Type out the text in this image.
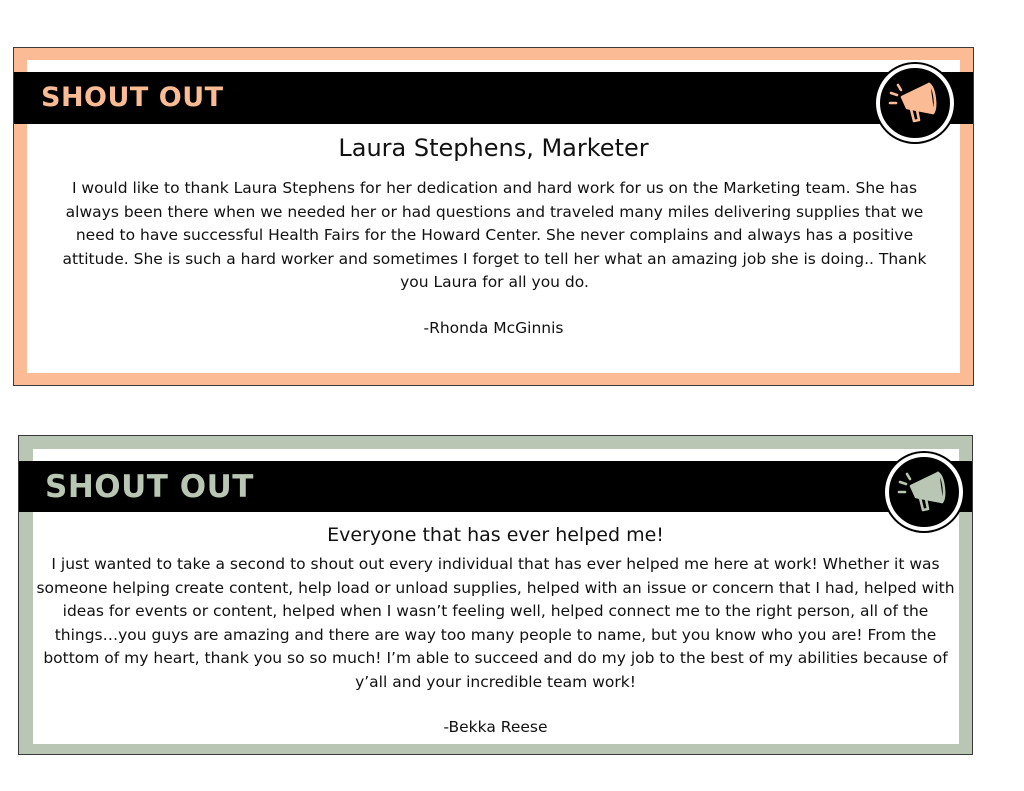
SHOUT OUT
Laura Stephens, Marketer
I would like to thank Laura Stephens for her dedication and hard work for us on the Marketing team. She has always been there when we needed her or had questions and traveled many miles delivering supplies that we need to have successful Health Fairs for the Howard Center. She never complains and always has a positive attitude. She is such a hard worker and sometimes I forget to tell her what an amazing job she is doing.. Thank you Laura for all you do.
-Rhonda McGinnis
SHOUT OUT
Everyone that has ever helped me!
I just wanted to take a second to shout out every individual that has ever helped me here at work! Whether it was someone helping create content, help load or unload supplies, helped with an issue or concern that I had, helped with ideas for events or content, helped when I wasn’t feeling well, helped connect me to the right person, all of the things…you guys are amazing and there are way too many people to name, but you know who you are! From the bottom of my heart, thank you so so much! I’m able to succeed and do my job to the best of my abilities because of y’all and your incredible team work!
-Bekka Reese
